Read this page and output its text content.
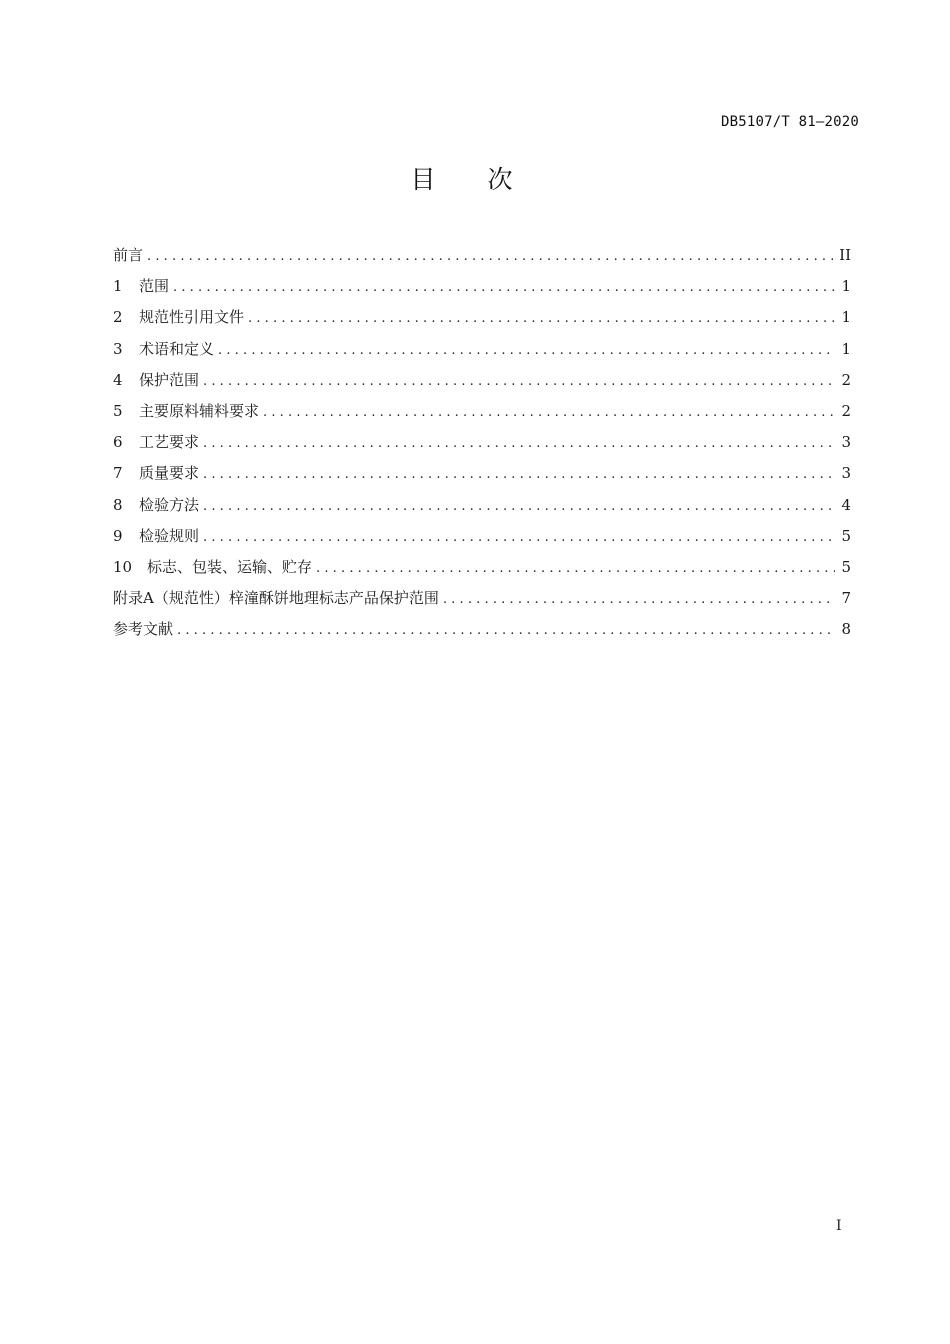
DB5107/T 81—2020
目次
前言 .....	II
1	范围 .....	1
2	规范性引用文件 .....	1
3	术语和定义 .....	1
4	保护范围 .....	2
5	主要原料辅料要求 .....	2
6	工艺要求 .....	3
7	质量要求 .....	3
8	检验方法 .....	4
9	检验规则 .....	5
10 标志、包装、运输、贮存 .....	5
附录A（规范性）梓潼酥饼地理标志产品保护范围 .....	7
参考文献 .....	8
I
